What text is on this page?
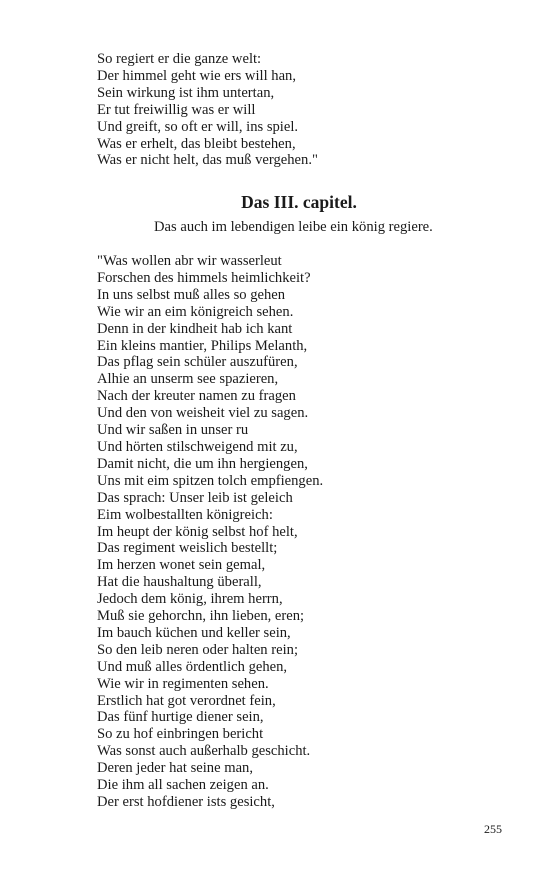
So regiert er die ganze welt:
Der himmel geht wie ers will han,
Sein wirkung ist ihm untertan,
Er tut freiwillig was er will
Und greift, so oft er will, ins spiel.
Was er erhelt, das bleibt bestehen,
Was er nicht helt, das muß vergehen."
Das III. capitel.
Das auch im lebendigen leibe ein könig regiere.
"Was wollen abr wir wasserleut
Forschen des himmels heimlichkeit?
In uns selbst muß alles so gehen
Wie wir an eim königreich sehen.
Denn in der kindheit hab ich kant
Ein kleins mantier, Philips Melanth,
Das pflag sein schüler auszufüren,
Alhie an unserm see spazieren,
Nach der kreuter namen zu fragen
Und den von weisheit viel zu sagen.
Und wir saßen in unser ru
Und hörten stilschweigend mit zu,
Damit nicht, die um ihn hergiengen,
Uns mit eim spitzen tolch empfiengen.
Das sprach: Unser leib ist geleich
Eim wolbestallten königreich:
Im heupt der könig selbst hof helt,
Das regiment weislich bestellt;
Im herzen wonet sein gemal,
Hat die haushaltung überall,
Jedoch dem könig, ihrem herrn,
Muß sie gehorchn, ihn lieben, eren;
Im bauch küchen und keller sein,
So den leib neren oder halten rein;
Und muß alles ördentlich gehen,
Wie wir in regimenten sehen.
Erstlich hat got verordnet fein,
Das fünf hurtige diener sein,
So zu hof einbringen bericht
Was sonst auch außerhalb geschicht.
Deren jeder hat seine man,
Die ihm all sachen zeigen an.
Der erst hofdiener ists gesicht,
255
